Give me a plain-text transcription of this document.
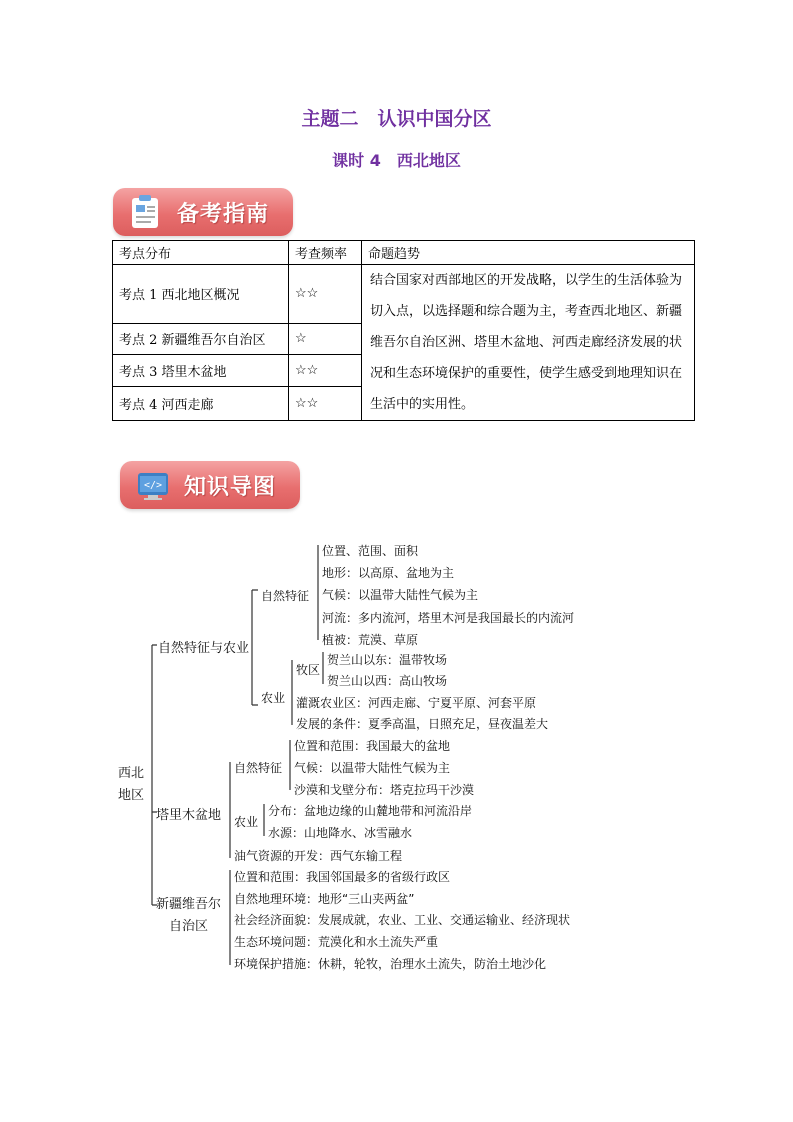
主题二　认识中国分区
课时 4　西北地区
备考指南
考点分布	考查频率	命题趋势
考点 1 西北地区概况	☆☆	结合国家对西部地区的开发战略，以学生的生活体验为切入点，以选择题和综合题为主，考查西北地区、新疆维吾尔自治区洲、塔里木盆地、河西走廊经济发展的状况和生态环境保护的重要性，使学生感受到地理知识在生活中的实用性。
考点 2 新疆维吾尔自治区	☆	
考点 3 塔里木盆地	☆☆	
考点 4 河西走廊	☆☆	
</> 知识导图
西北
地区
自然特征与农业
自然特征
位置、范围、面积
地形：以高原、盆地为主
气候：以温带大陆性气候为主
河流：多内流河，塔里木河是我国最长的内流河
植被：荒漠、草原
农业
牧区
贺兰山以东：温带牧场
贺兰山以西：高山牧场
灌溉农业区：河西走廊、宁夏平原、河套平原
发展的条件：夏季高温，日照充足，昼夜温差大
塔里木盆地
自然特征
位置和范围：我国最大的盆地
气候：以温带大陆性气候为主
沙漠和戈壁分布：塔克拉玛干沙漠
农业
分布：盆地边缘的山麓地带和河流沿岸
水源：山地降水、冰雪融水
油气资源的开发：西气东输工程
新疆维吾尔
自治区
位置和范围：我国邻国最多的省级行政区
自然地理环境：地形“三山夹两盆”
社会经济面貌：发展成就，农业、工业、交通运输业、经济现状
生态环境问题：荒漠化和水土流失严重
环境保护措施：休耕，轮牧，治理水土流失，防治土地沙化
